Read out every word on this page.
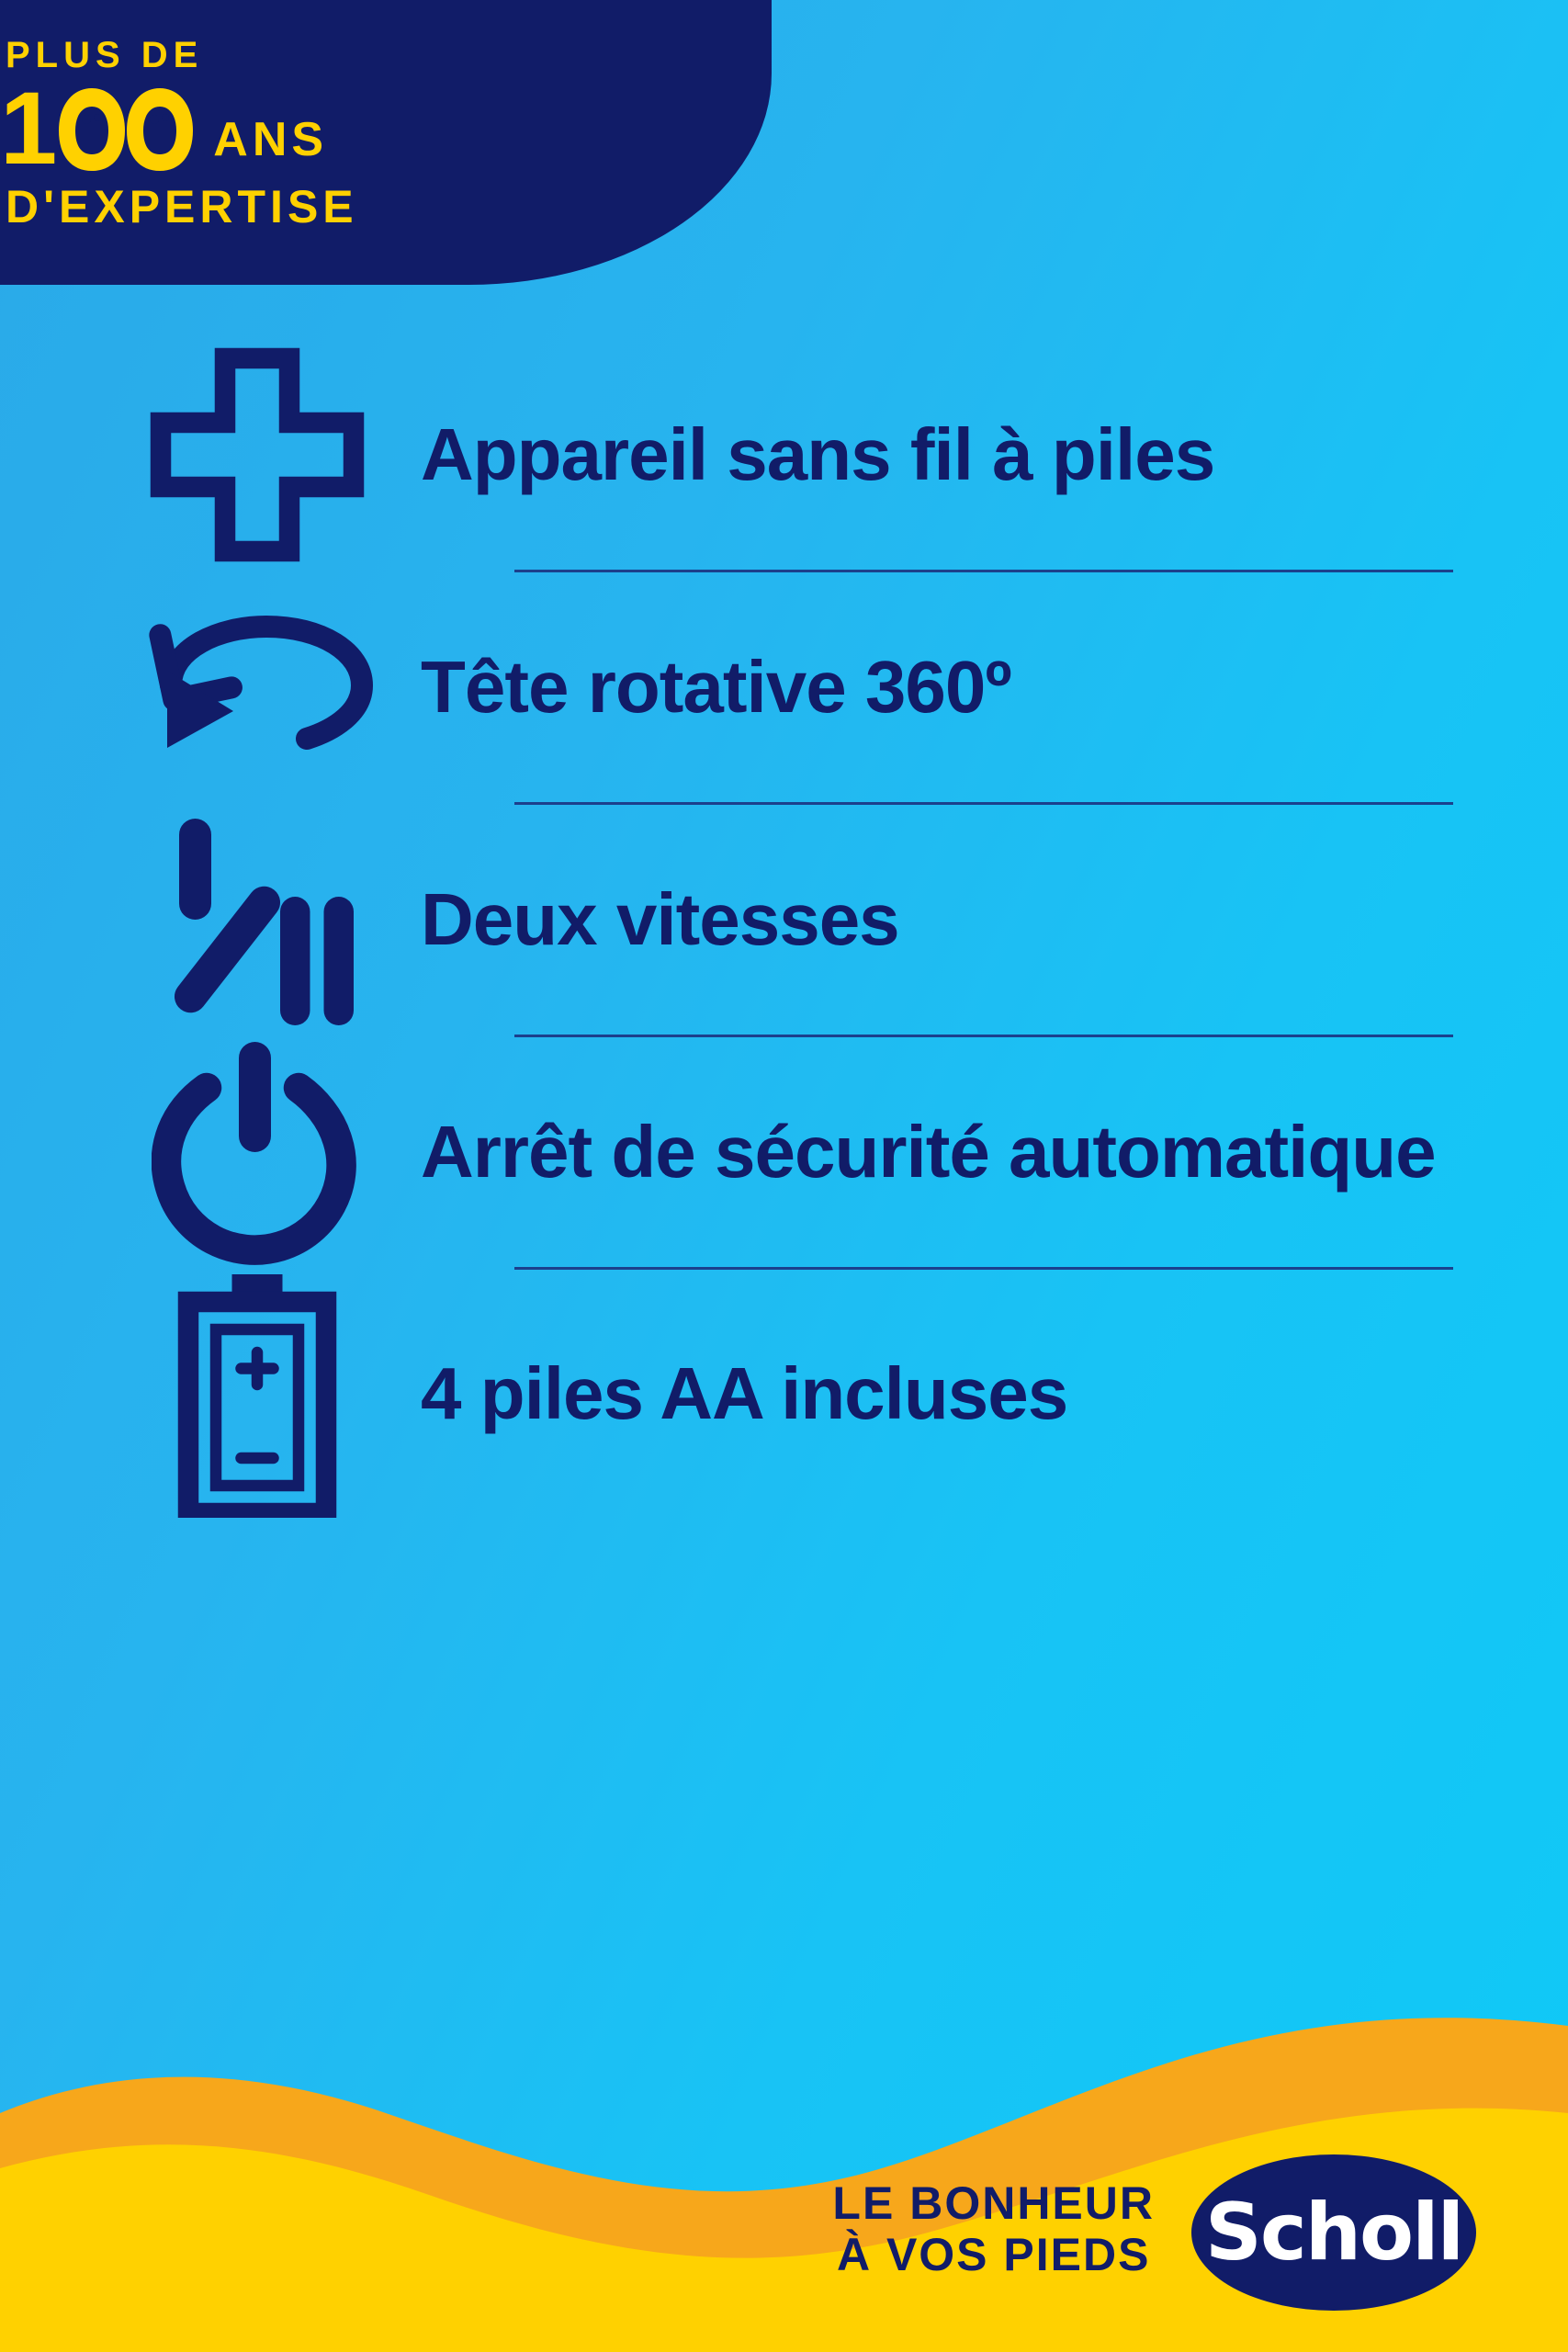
PLUS DE
1	ANS
D'EXPERTISE
Appareil sans fil à piles
Tête rotative 360º
Deux vitesses
Arrêt de sécurité automatique
4 piles AA incluses
LE BONHEUR
À VOS PIEDS Scholl
